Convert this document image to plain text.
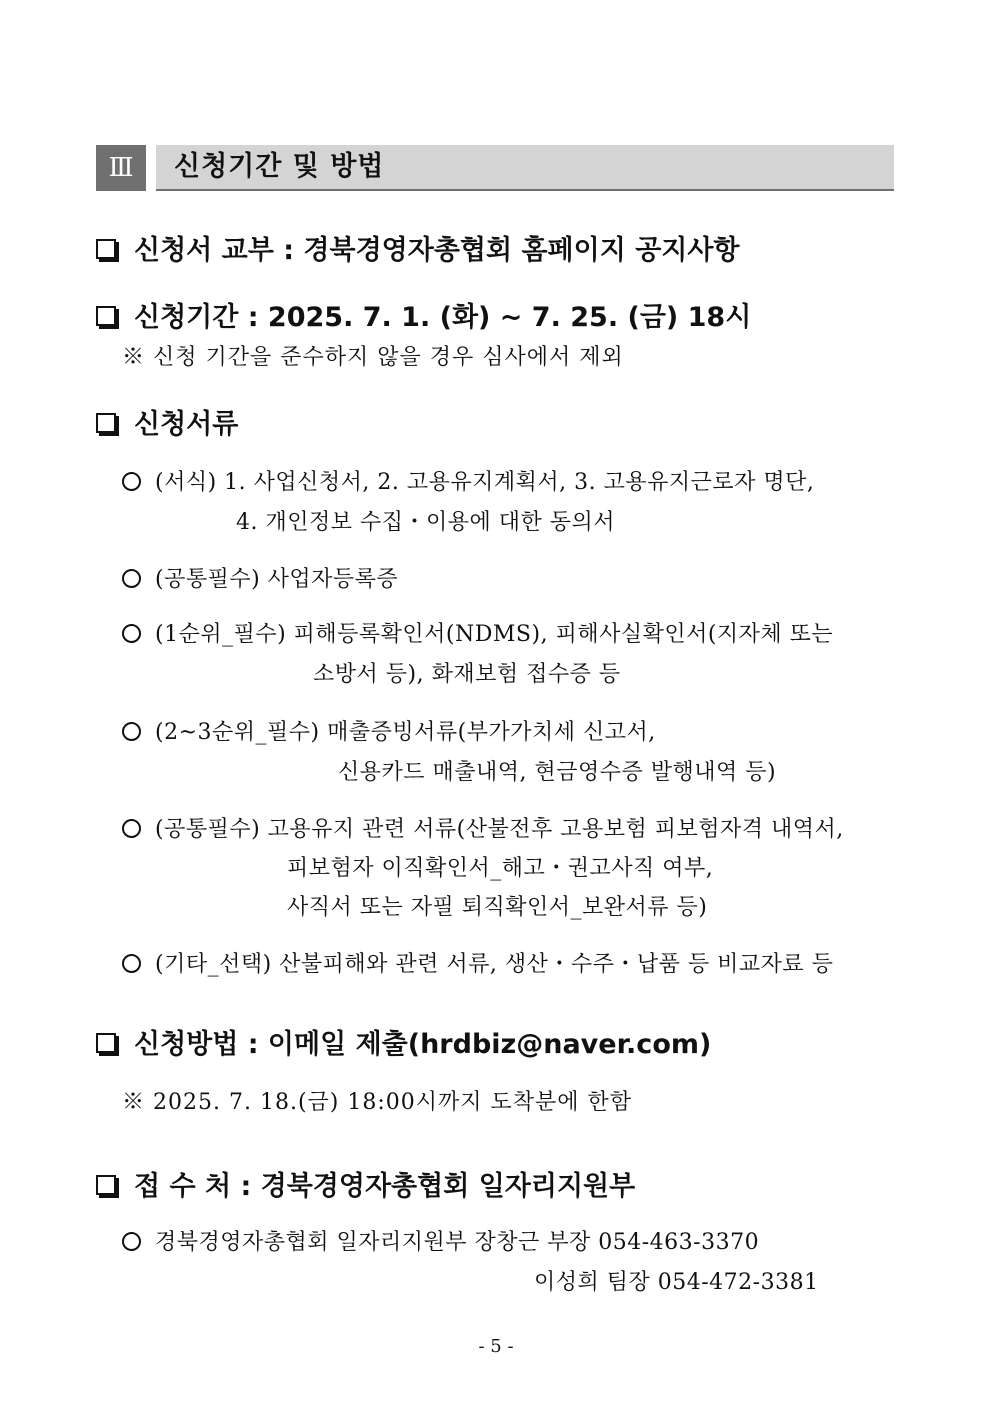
Ⅲ	신청기간 및 방법
신청서 교부 : 경북경영자총협회 홈페이지 공지사항
신청기간 : 2025. 7. 1. (화) ~ 7. 25. (금) 18시
※ 신청 기간을 준수하지 않을 경우 심사에서 제외
신청서류
(서식) 1. 사업신청서, 2. 고용유지계획서, 3. 고용유지근로자 명단,
4. 개인정보 수집・이용에 대한 동의서
(공통필수) 사업자등록증
(1순위_필수) 피해등록확인서(NDMS), 피해사실확인서(지자체 또는
소방서 등), 화재보험 접수증 등
(2~3순위_필수) 매출증빙서류(부가가치세 신고서,
신용카드 매출내역, 현금영수증 발행내역 등)
(공통필수) 고용유지 관련 서류(산불전후 고용보험 피보험자격 내역서,
피보험자 이직확인서_해고・권고사직 여부,
사직서 또는 자필 퇴직확인서_보완서류 등)
(기타_선택) 산불피해와 관련 서류, 생산・수주・납품 등 비교자료 등
신청방법 : 이메일 제출(hrdbiz@naver.com)
※ 2025. 7. 18.(금) 18:00시까지 도착분에 한함
접 수 처 : 경북경영자총협회 일자리지원부
경북경영자총협회 일자리지원부 장창근 부장 054-463-3370
이성희 팀장 054-472-3381
- 5 -
